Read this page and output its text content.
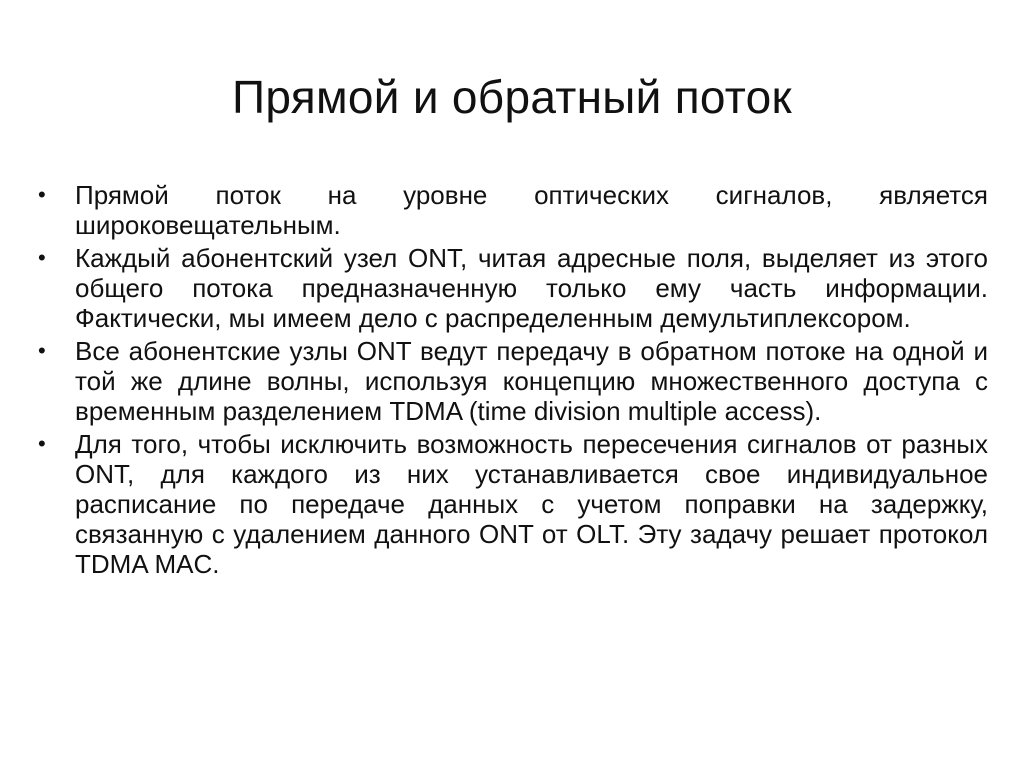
Прямой и обратный поток
•	Прямой поток на уровне оптических сигналов, является широковещательным.
•	Каждый абонентский узел ONT, читая адресные поля, выделяет из этого общего потока предназначенную только ему часть информации. Фактически, мы имеем дело с распределенным демультиплексором.
•	Все абонентские узлы ONT ведут передачу в обратном потоке на одной и той же длине волны, используя концепцию множественного доступа с временным разделением TDMA (time division multiple access).
•	Для того, чтобы исключить возможность пересечения сигналов от разных ONT, для каждого из них устанавливается свое индивидуальное расписание по передаче данных с учетом поправки на задержку, связанную с удалением данного ONT от OLT. Эту задачу решает протокол TDMA MAC.
